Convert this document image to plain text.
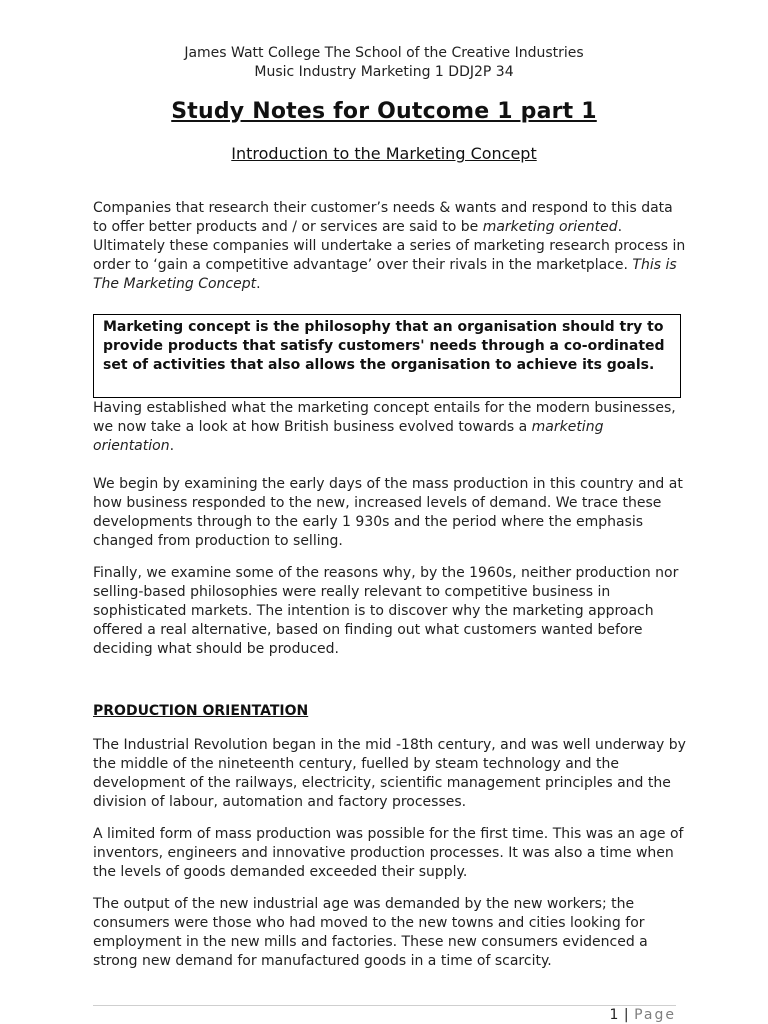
James Watt College The School of the Creative Industries
Music Industry Marketing 1 DDJ2P 34
Study Notes for Outcome 1 part 1
Introduction to the Marketing Concept

Companies that research their customer’s needs & wants and respond to this data to offer better products and / or services are said to be marketing oriented. Ultimately these companies will undertake a series of marketing research process in order to ‘gain a competitive advantage’ over their rivals in the marketplace. This is The Marketing Concept.

Marketing concept is the philosophy that an organisation should try to provide products that satisfy customers' needs through a co-ordinated set of activities that also allows the organisation to achieve its goals.

Having established what the marketing concept entails for the modern businesses, we now take a look at how British business evolved towards a marketing orientation.

We begin by examining the early days of the mass production in this country and at how business responded to the new, increased levels of demand. We trace these developments through to the early 1 930s and the period where the emphasis changed from production to selling.

Finally, we examine some of the reasons why, by the 1960s, neither production nor selling-based philosophies were really relevant to competitive business in sophisticated markets. The intention is to discover why the marketing approach offered a real alternative, based on finding out what customers wanted before deciding what should be produced.

PRODUCTION ORIENTATION

The Industrial Revolution began in the mid -18th century, and was well underway by the middle of the nineteenth century, fuelled by steam technology and the development of the railways, electricity, scientific management principles and the division of labour, automation and factory processes.

A limited form of mass production was possible for the first time. This was an age of inventors, engineers and innovative production processes. It was also a time when the levels of goods demanded exceeded their supply.

The output of the new industrial age was demanded by the new workers; the consumers were those who had moved to the new towns and cities looking for employment in the new mills and factories. These new consumers evidenced a strong new demand for manufactured goods in a time of scarcity.

1 | Page
